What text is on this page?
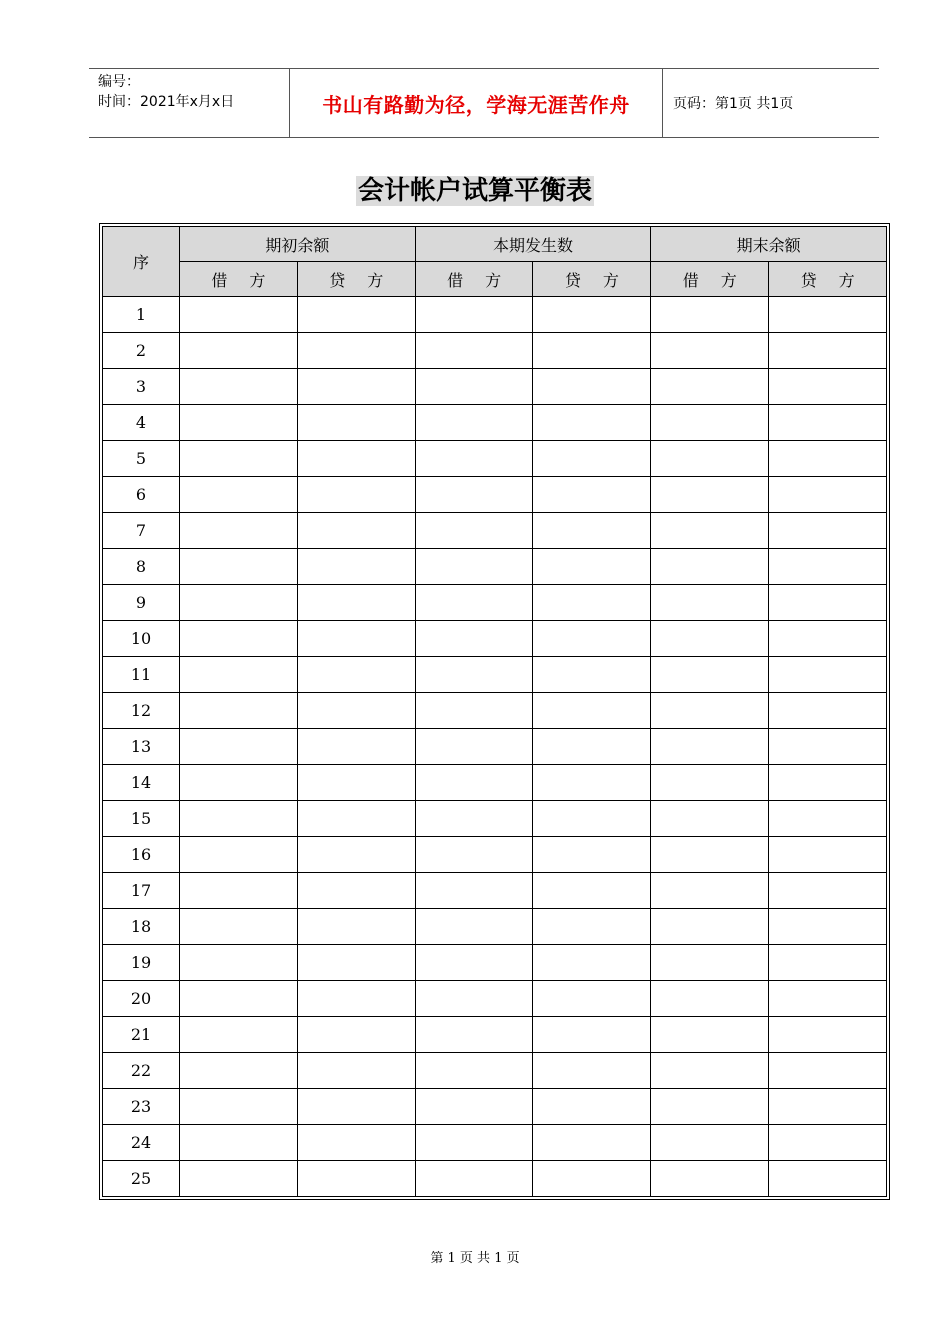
编号：
时间：2021年x月x日	书山有路勤为径，学海无涯苦作舟	页码：第1页 共1页
会计帐户试算平衡表
序	期初余额		本期发生数		期末余额	
	借方	贷方	借方	贷方	借方	贷方
1						
2						
3						
4						
5						
6						
7						
8						
9						
10						
11						
12						
13						
14						
15						
16						
17						
18						
19						
20						
21						
22						
23						
24						
25						
第 1 页 共 1 页
